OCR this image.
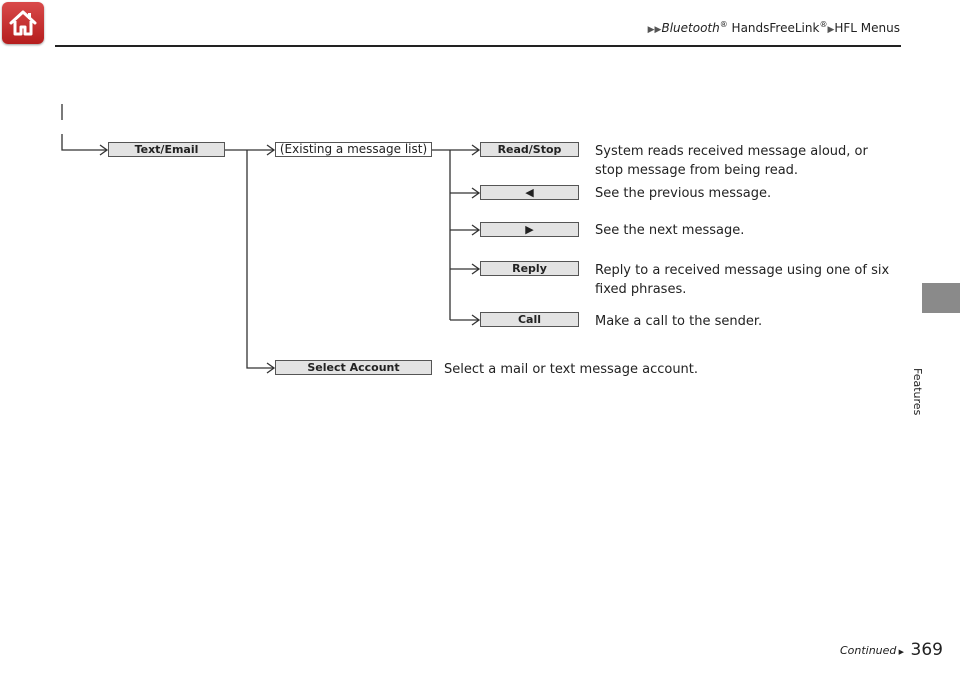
▶▶Bluetooth® HandsFreeLink®▶HFL Menus
Features
Text/Email	(Existing a message list)	Read/Stop
◀
▶
Reply
Call
Select Account
System reads received message aloud, or
stop message from being read.
See the previous message.
See the next message.
Reply to a received message using one of six
fixed phrases.
Make a call to the sender.
Select a mail or text message account.
Continued ▶ 369
